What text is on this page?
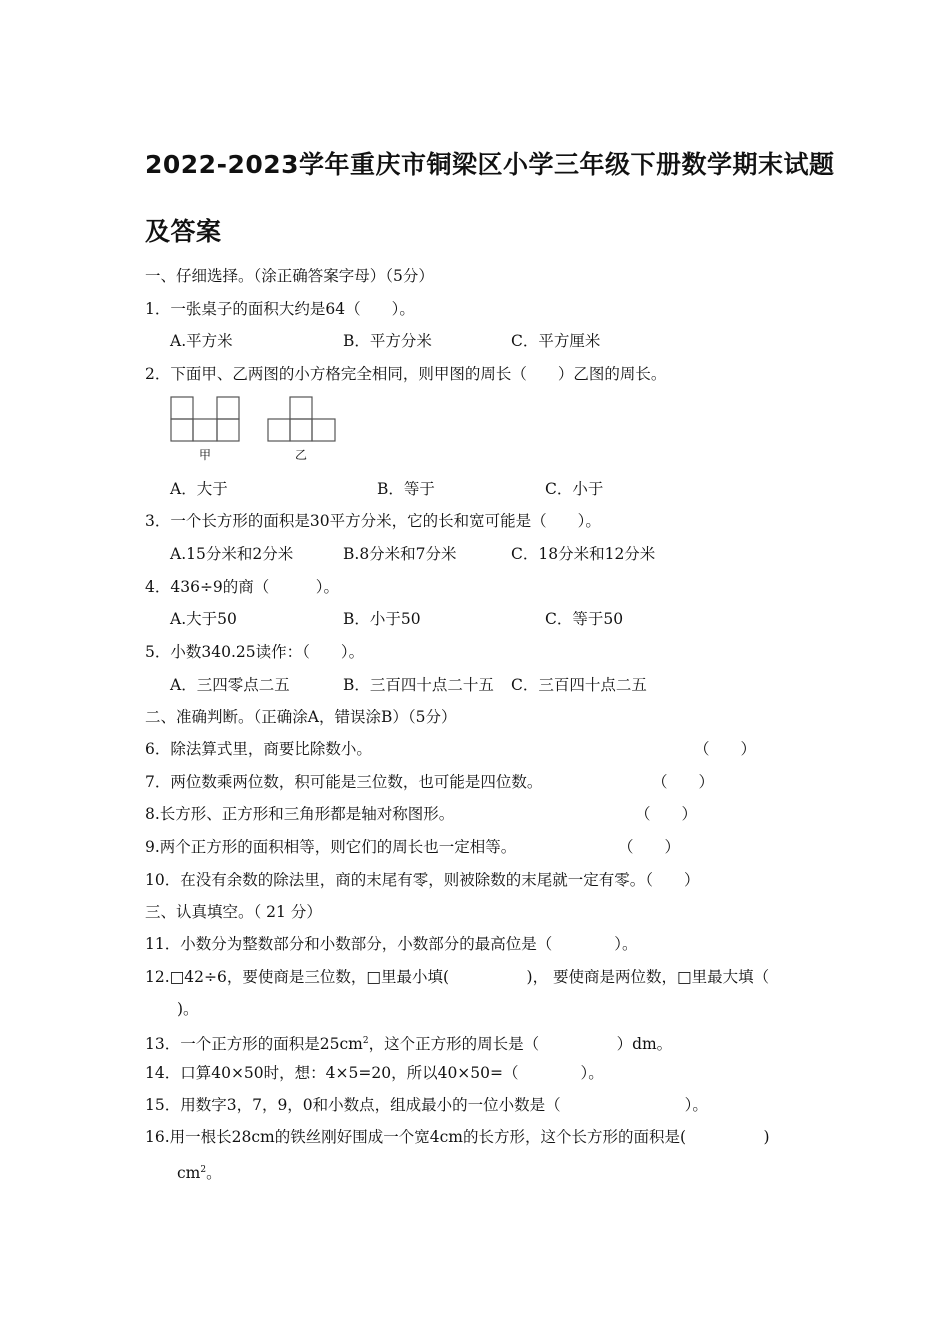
2022-2023学年重庆市铜梁区小学三年级下册数学期末试题
及答案
一、仔细选择。（涂正确答案字母）（5分）
1．一张桌子的面积大约是64（　　）。
A.平方米	B．平方分米	C．平方厘米
2．下面甲、乙两图的小方格完全相同，则甲图的周长（　　）乙图的周长。
甲	乙
A．大于	B．等于	C．小于
3．一个长方形的面积是30平方分米，它的长和宽可能是（　　）。
A.15分米和2分米	B.8分米和7分米	C．18分米和12分米
4．436÷9的商（　　　）。
A.大于50	B．小于50	C．等于50
5．小数340.25读作：（　　）。
A．三四零点二五	B．三百四十点二十五 C．三百四十点二五
二、准确判断。（正确涂A，错误涂B）（5分）
6．除法算式里，商要比除数小。	（　　）
7．两位数乘两位数，积可能是三位数，也可能是四位数。	（　　）
8.长方形、正方形和三角形都是轴对称图形。	（　　）
9.两个正方形的面积相等，则它们的周长也一定相等。	（　　）
10．在没有余数的除法里，商的末尾有零，则被除数的末尾就一定有零。（　　）
三、认真填空。（ 21 分）
11．小数分为整数部分和小数部分，小数部分的最高位是（　　　　）。
12.□42÷6，要使商是三位数，□里最小填(　　　　　)， 要使商是两位数，□里最大填（
)。
13．一个正方形的面积是$25cm^2$，这个正方形的周长是（　　　　　）dm。
14．口算40×50时，想：4×5=20，所以40×50=（　　　　）。
15．用数字3，7，9，0和小数点，组成最小的一位小数是（　　　　　　　　）。
16.用一根长28cm的铁丝刚好围成一个宽4cm的长方形，这个长方形的面积是(　　　　　)
$cm^2$。
